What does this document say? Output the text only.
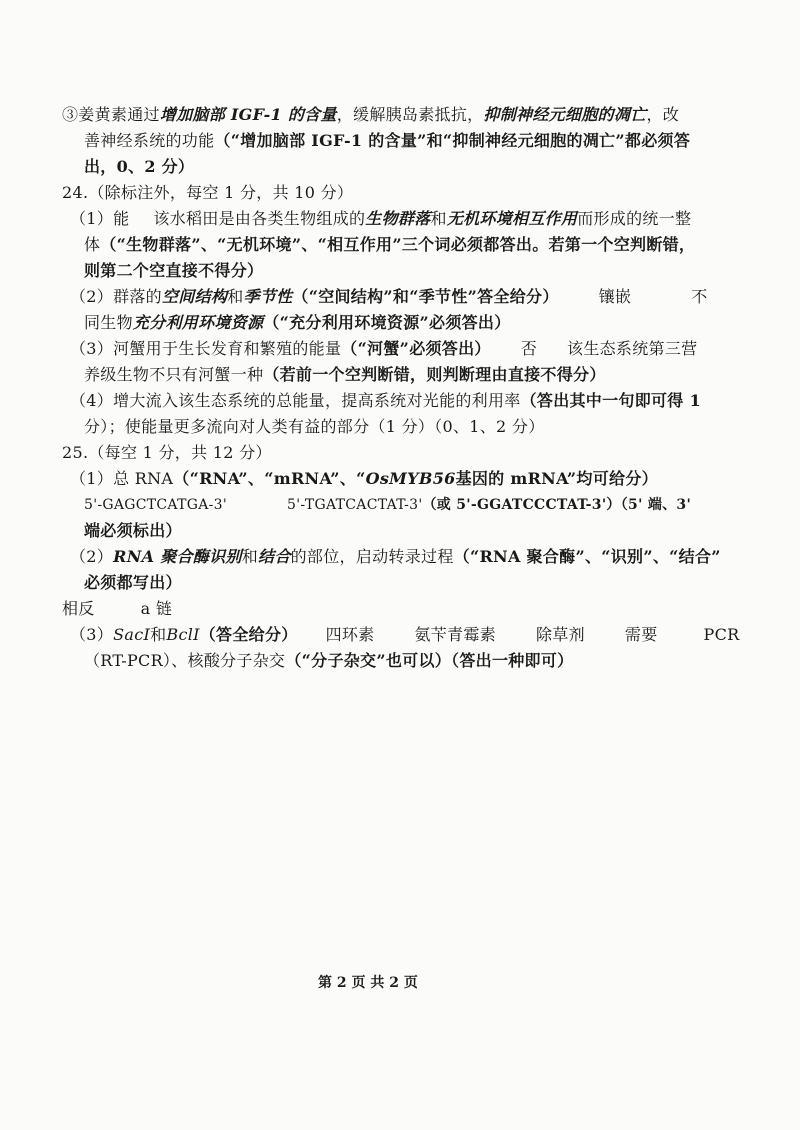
③姜黄素通过增加脑部 IGF-1 的含量，缓解胰岛素抵抗，抑制神经元细胞的凋亡，改
善神经系统的功能（“增加脑部 IGF-1 的含量”和“抑制神经元细胞的凋亡”都必须答
出，0、2 分）
24.（除标注外，每空 1 分，共 10 分）
（1）能 该水稻田是由各类生物组成的生物群落和无机环境相互作用而形成的统一整
体（“生物群落”、“无机环境”、“相互作用”三个词必须都答出。若第一个空判断错，
则第二个空直接不得分）
（2）群落的空间结构和季节性（“空间结构”和“季节性”答全给分）	镶嵌	不
同生物充分利用环境资源（“充分利用环境资源”必须答出）
（3）河蟹用于生长发育和繁殖的能量（“河蟹”必须答出） 否 该生态系统第三营
养级生物不只有河蟹一种（若前一个空判断错，则判断理由直接不得分）
（4）增大流入该生态系统的总能量，提高系统对光能的利用率（答出其中一句即可得 1
分）；使能量更多流向对人类有益的部分（1 分）（0、1、2 分）
25.（每空 1 分，共 12 分）
（1）总 RNA（“RNA”、“mRNA”、“OsMYB56基因的 mRNA”均可给分）
5'-GAGCTCATGA-3'	5'-TGATCACTAT-3'（或 5'-GGATCCCTAT-3'）（5' 端、3'
端必须标出）
（2）RNA 聚合酶识别和结合的部位，启动转录过程（“RNA 聚合酶”、“识别”、“结合”
必须都写出）
相反	a 链
（3）SacI和BclI（答全给分） 四环素	氨苄青霉素	除草剂	需要	PCR
（RT-PCR）、核酸分子杂交（“分子杂交”也可以）（答出一种即可）
第 2 页 共 2 页
